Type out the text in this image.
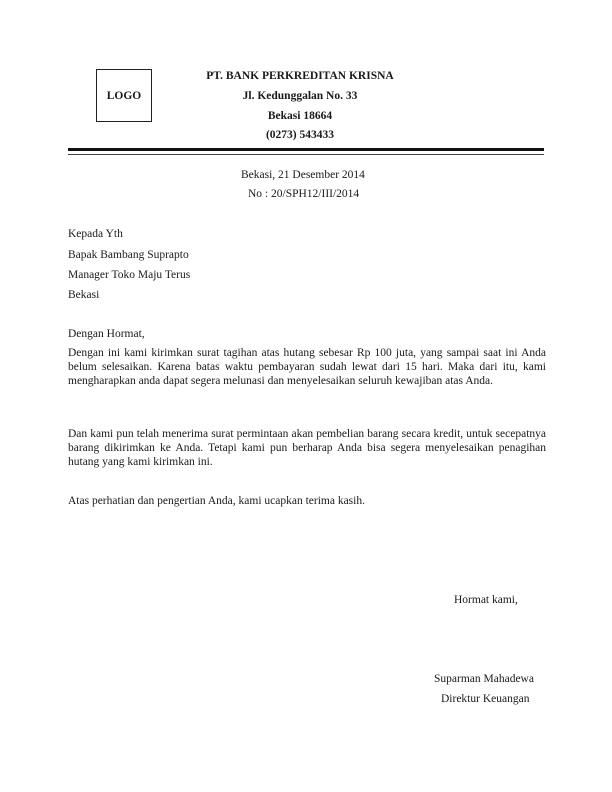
LOGO
PT. BANK PERKREDITAN KRISNA
Jl. Kedunggalan No. 33
Bekasi 18664
(0273) 543433
Bekasi, 21 Desember 2014
No : 20/SPH12/III/2014
Kepada Yth
Bapak Bambang Suprapto
Manager Toko Maju Terus
Bekasi
Dengan Hormat,
Dengan ini kami kirimkan surat tagihan atas hutang sebesar Rp 100 juta, yang sampai saat ini Anda belum selesaikan. Karena batas waktu pembayaran sudah lewat dari 15 hari. Maka dari itu, kami mengharapkan anda dapat segera melunasi dan menyelesaikan seluruh kewajiban atas Anda.
Dan kami pun telah menerima surat permintaan akan pembelian barang secara kredit, untuk secepatnya barang dikirimkan ke Anda. Tetapi kami pun berharap Anda bisa segera menyelesaikan penagihan hutang yang kami kirimkan ini.
Atas perhatian dan pengertian Anda, kami ucapkan terima kasih.
Hormat kami,
Suparman Mahadewa
Direktur Keuangan
